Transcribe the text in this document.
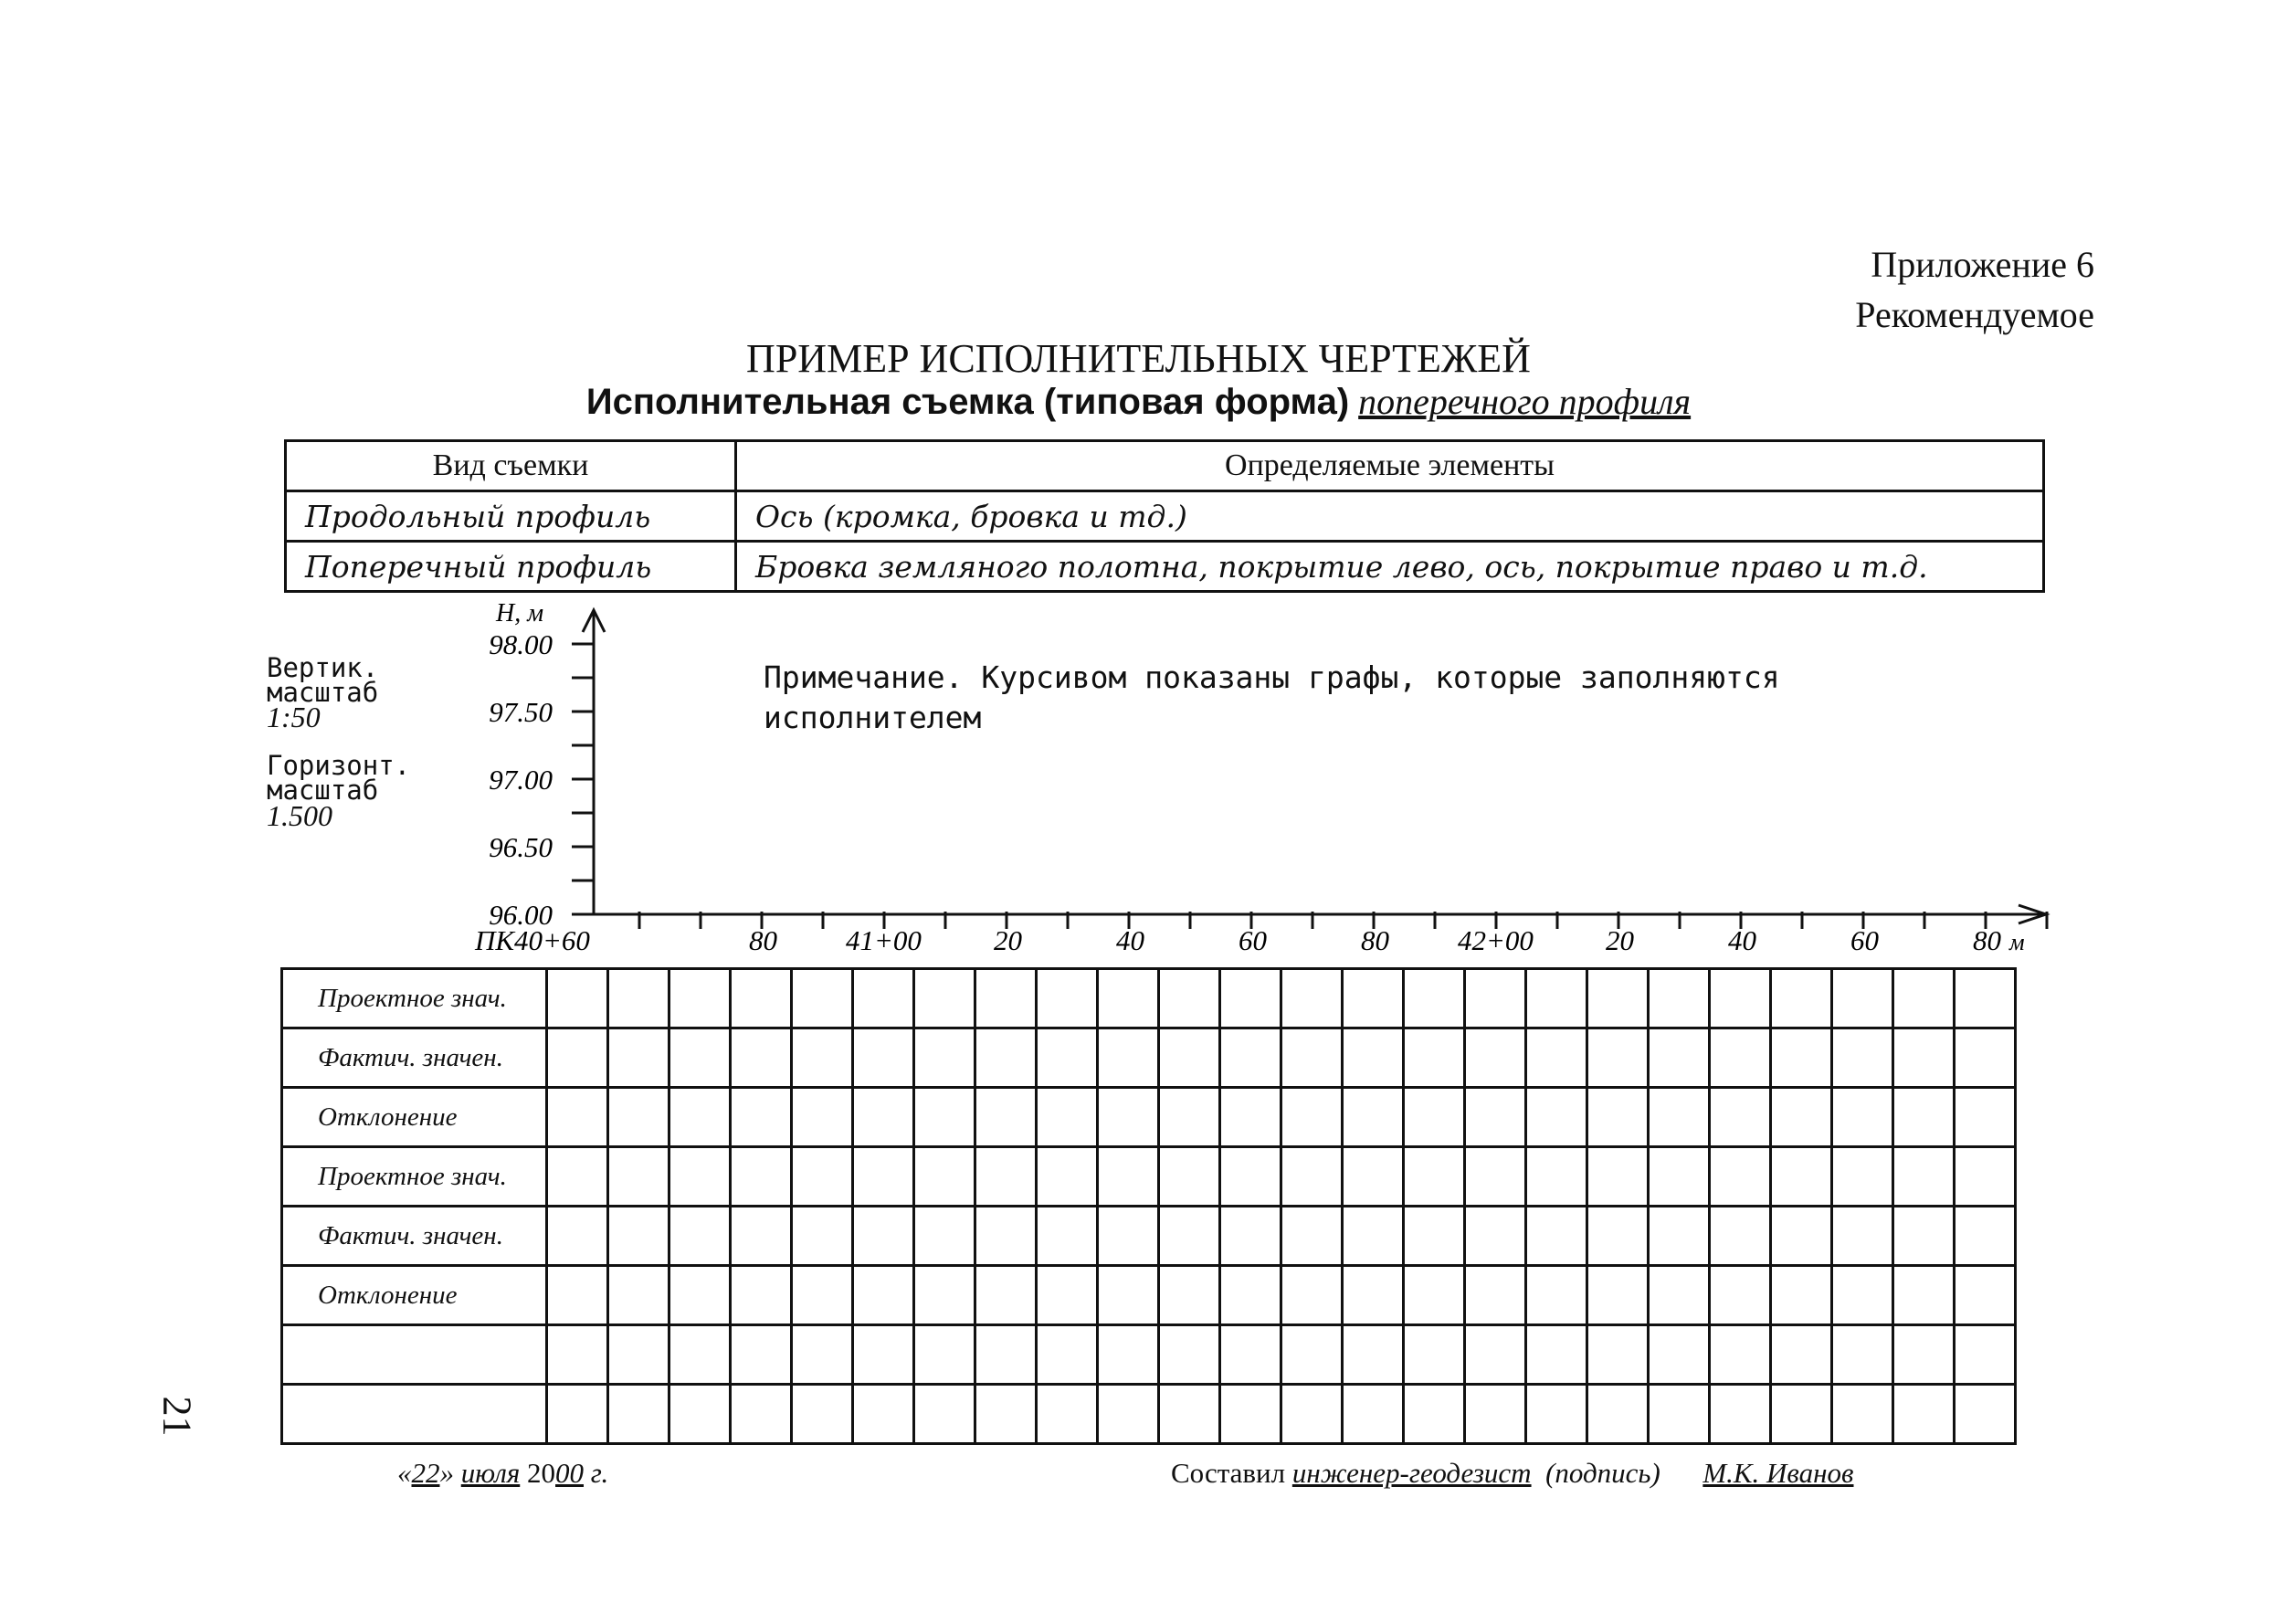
Приложение 6
Рекомендуемое
ПРИМЕР ИСПОЛНИТЕЛЬНЫХ ЧЕРТЕЖЕЙ
Исполнительная съемка (типовая форма) поперечного профиля
Вид съемки	Определяемые элементы
Продольный профиль	Ось (кромка, бровка и тд.)
Поперечный профиль	Бровка земляного полотна, покрытие лево, ось, покрытие право и т.д.
Вертик.
масштаб
1:50
Горизонт.
масштаб
1.500
Примечание. Курсивом показаны графы, которые заполняются
исполнителем
98.00
97.50
97.00
96.50
96.00
H, м
ПК40+60	80 41+00	20	40	60	80 42+00	20	40	60	80 м
Проектное знач.																								
Фактич. значен.																								
Отклонение																								
Проектное знач.																								
Фактич. значен.																								
Отклонение																								

«22» июля 2000 г.	Составил инженер-геодезист (подпись) М.К. Иванов
21
